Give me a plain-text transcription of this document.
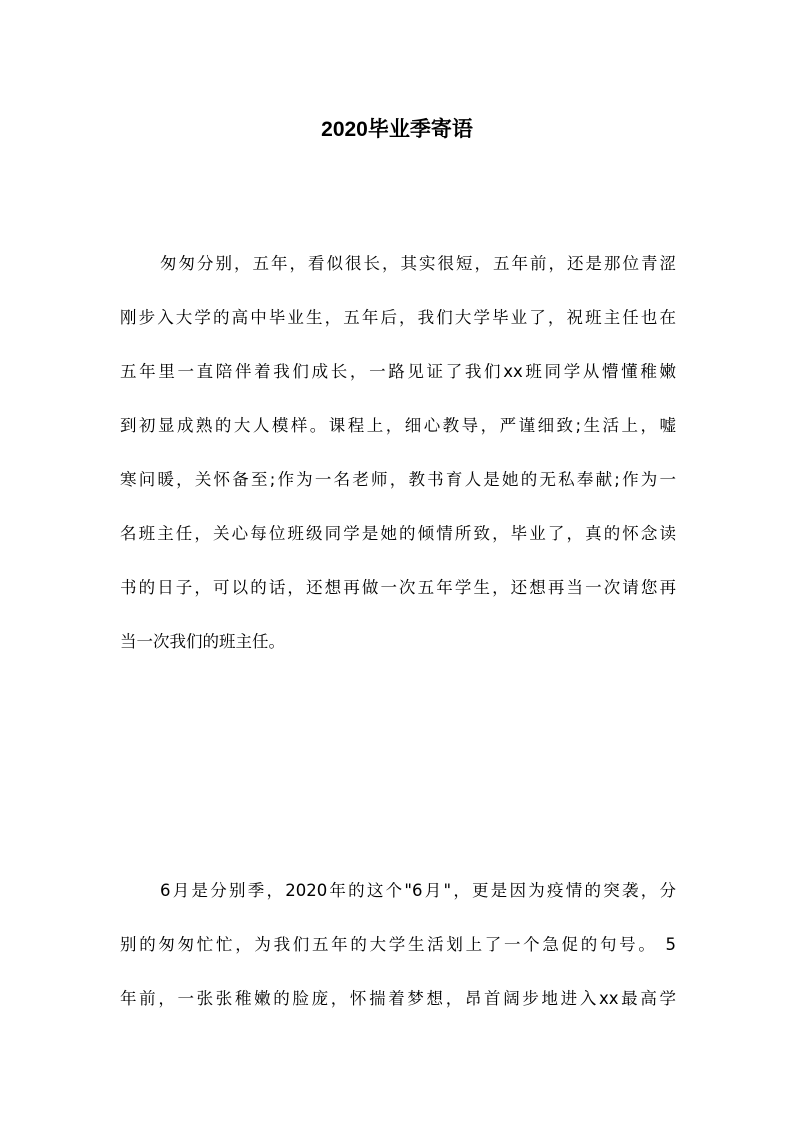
2020毕业季寄语
匆匆分别，五年，看似很长，其实很短，五年前，还是那位青涩
刚步入大学的高中毕业生，五年后，我们大学毕业了，祝班主任也在
五年里一直陪伴着我们成长，一路见证了我们xx班同学从懵懂稚嫩
到初显成熟的大人模样。课程上，细心教导，严谨细致;生活上，嘘
寒问暖，关怀备至;作为一名老师，教书育人是她的无私奉献;作为一
名班主任，关心每位班级同学是她的倾情所致，毕业了，真的怀念读
书的日子，可以的话，还想再做一次五年学生，还想再当一次请您再
当一次我们的班主任。
6月是分别季，2020年的这个"6月"，更是因为疫情的突袭，分
别的匆匆忙忙，为我们五年的大学生活划上了一个急促的句号。 5
年前，一张张稚嫩的脸庞，怀揣着梦想，昂首阔步地进入xx最高学
